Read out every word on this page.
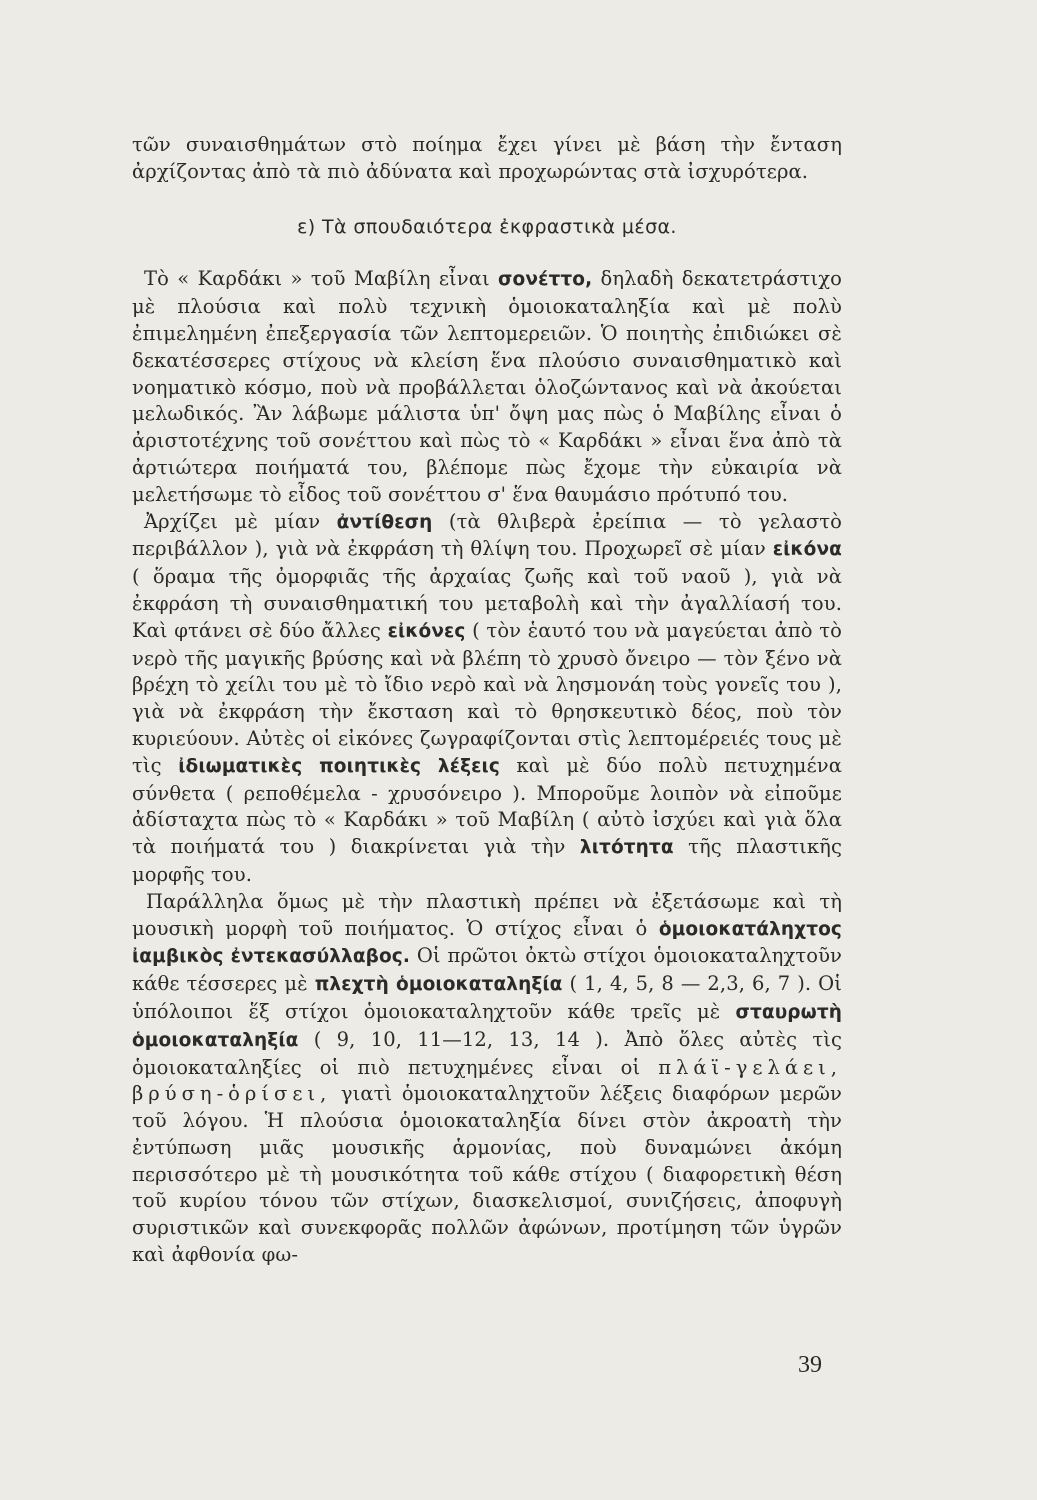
τῶν συναισθημάτων στὸ ποίημα ἔχει γίνει μὲ βάση τὴν ἔνταση ἀρχίζοντας ἀπὸ τὰ πιὸ ἀδύνατα καὶ προχωρώντας στὰ ἰσχυρότερα.

ε) Τὰ σπουδαιότερα ἐκφραστικὰ μέσα.

Τὸ « Καρδάκι » τοῦ Μαβίλη εἶναι σονέττο, δηλαδὴ δεκατετράστιχο μὲ πλούσια καὶ πολὺ τεχνικὴ ὁμοιοκαταληξία καὶ μὲ πολὺ ἐπιμελημένη ἐπεξεργασία τῶν λεπτομερειῶν. Ὁ ποιητὴς ἐπιδιώκει σὲ δεκατέσσερες στίχους νὰ κλείση ἕνα πλούσιο συναισθηματικὸ καὶ νοηματικὸ κόσμο, ποὺ νὰ προβάλλεται ὁλοζώντανος καὶ νὰ ἀκούεται μελωδικός. Ἂν λάβωμε μάλιστα ὑπ' ὄψη μας πὼς ὁ Μαβίλης εἶναι ὁ ἀριστοτέχνης τοῦ σονέττου καὶ πὼς τὸ « Καρδάκι » εἶναι ἕνα ἀπὸ τὰ ἀρτιώτερα ποιήματά του, βλέπομε πὼς ἔχομε τὴν εὐκαιρία νὰ μελετήσωμε τὸ εἶδος τοῦ σονέττου σ' ἕνα θαυμάσιο πρότυπό του.

Ἀρχίζει μὲ μίαν ἀντίθεση (τὰ θλιβερὰ ἐρείπια — τὸ γελαστὸ περιβάλλον ), γιὰ νὰ ἐκφράση τὴ θλίψη του. Προχωρεῖ σὲ μίαν εἰκόνα ( ὅραμα τῆς ὀμορφιᾶς τῆς ἀρχαίας ζωῆς καὶ τοῦ ναοῦ ), γιὰ νὰ ἐκφράση τὴ συναισθηματική του μεταβολὴ καὶ τὴν ἀγαλλίασή του. Καὶ φτάνει σὲ δύο ἄλλες εἰκόνες ( τὸν ἑαυτό του νὰ μαγεύεται ἀπὸ τὸ νερὸ τῆς μαγικῆς βρύσης καὶ νὰ βλέπη τὸ χρυσὸ ὄνειρο — τὸν ξένο νὰ βρέχη τὸ χείλι του μὲ τὸ ἴδιο νερὸ καὶ νὰ λησμονάη τοὺς γονεῖς του ), γιὰ νὰ ἐκφράση τὴν ἔκσταση καὶ τὸ θρησκευτικὸ δέος, ποὺ τὸν κυριεύουν. Αὐτὲς οἱ εἰκόνες ζωγραφίζονται στὶς λεπτομέρειές τους μὲ τὶς ἰδιωματικὲς ποιητικὲς λέξεις καὶ μὲ δύο πολὺ πετυχημένα σύνθετα ( ρεποθέμελα - χρυσόνειρο ). Μποροῦμε λοιπὸν νὰ εἰποῦμε ἀδίσταχτα πὼς τὸ « Καρδάκι » τοῦ Μαβίλη ( αὐτὸ ἰσχύει καὶ γιὰ ὅλα τὰ ποιήματά του ) διακρίνεται γιὰ τὴν λιτότητα τῆς πλαστικῆς μορφῆς του.

Παράλληλα ὅμως μὲ τὴν πλαστικὴ πρέπει νὰ ἐξετάσωμε καὶ τὴ μουσικὴ μορφὴ τοῦ ποιήματος. Ὁ στίχος εἶναι ὁ ὁμοιοκατάληχτος ἰαμβικὸς ἐντεκασύλλαβος. Οἱ πρῶτοι ὀκτὼ στίχοι ὁμοιοκαταληχτοῦν κάθε τέσσερες μὲ πλεχτὴ ὁμοιοκαταληξία ( 1, 4, 5, 8 — 2,3, 6, 7 ). Οἱ ὑπόλοιποι ἕξ στίχοι ὁμοιοκαταληχτοῦν κάθε τρεῖς μὲ σταυρωτὴ ὁμοιοκαταληξία ( 9, 10, 11—12, 13, 14 ). Ἀπὸ ὅλες αὐτὲς τὶς ὁμοιοκαταληξίες οἱ πιὸ πετυχημένες εἶναι οἱ πλάϊ-γελάει, βρύση-ὁρίσει, γιατὶ ὁμοιοκαταληχτοῦν λέξεις διαφόρων μερῶν τοῦ λόγου. Ἡ πλούσια ὁμοιοκαταληξία δίνει στὸν ἀκροατὴ τὴν ἐντύπωση μιᾶς μουσικῆς ἁρμονίας, ποὺ δυναμώνει ἀκόμη περισσότερο μὲ τὴ μουσικότητα τοῦ κάθε στίχου ( διαφορετικὴ θέση τοῦ κυρίου τόνου τῶν στίχων, διασκελισμοί, συνιζήσεις, ἀποφυγὴ συριστικῶν καὶ συνεκφορᾶς πολλῶν ἀφώνων, προτίμηση τῶν ὑγρῶν καὶ ἀφθονία φω-

39
